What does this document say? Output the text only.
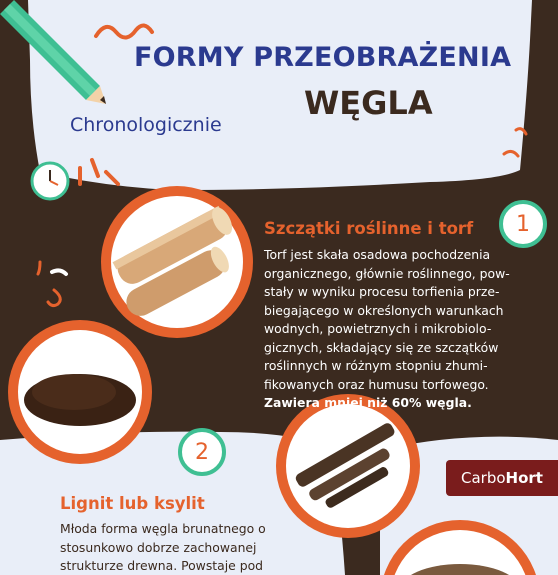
FORMY PRZEOBRAŻENIA
WĘGLA
Chronologicznie
1
Szczątki roślinne i torf
Torf jest skała osadowa pochodzenia organicznego, głównie roślinnego, pow-stały w wyniku procesu torfienia prze-biegającego w określonych warunkach wodnych, powietrznych i mikrobiolo-gicznych, składający się ze szczątków roślinnych w różnym stopniu zhumi-fikowanych oraz humusu torfowego. Zawiera mniej niż 60% węgla.
2
Lignit lub ksylit
Młoda forma węgla brunatnego o stosunkowo dobrze zachowanej strukturze drewna. Powstaje pod
Carbo Hort
